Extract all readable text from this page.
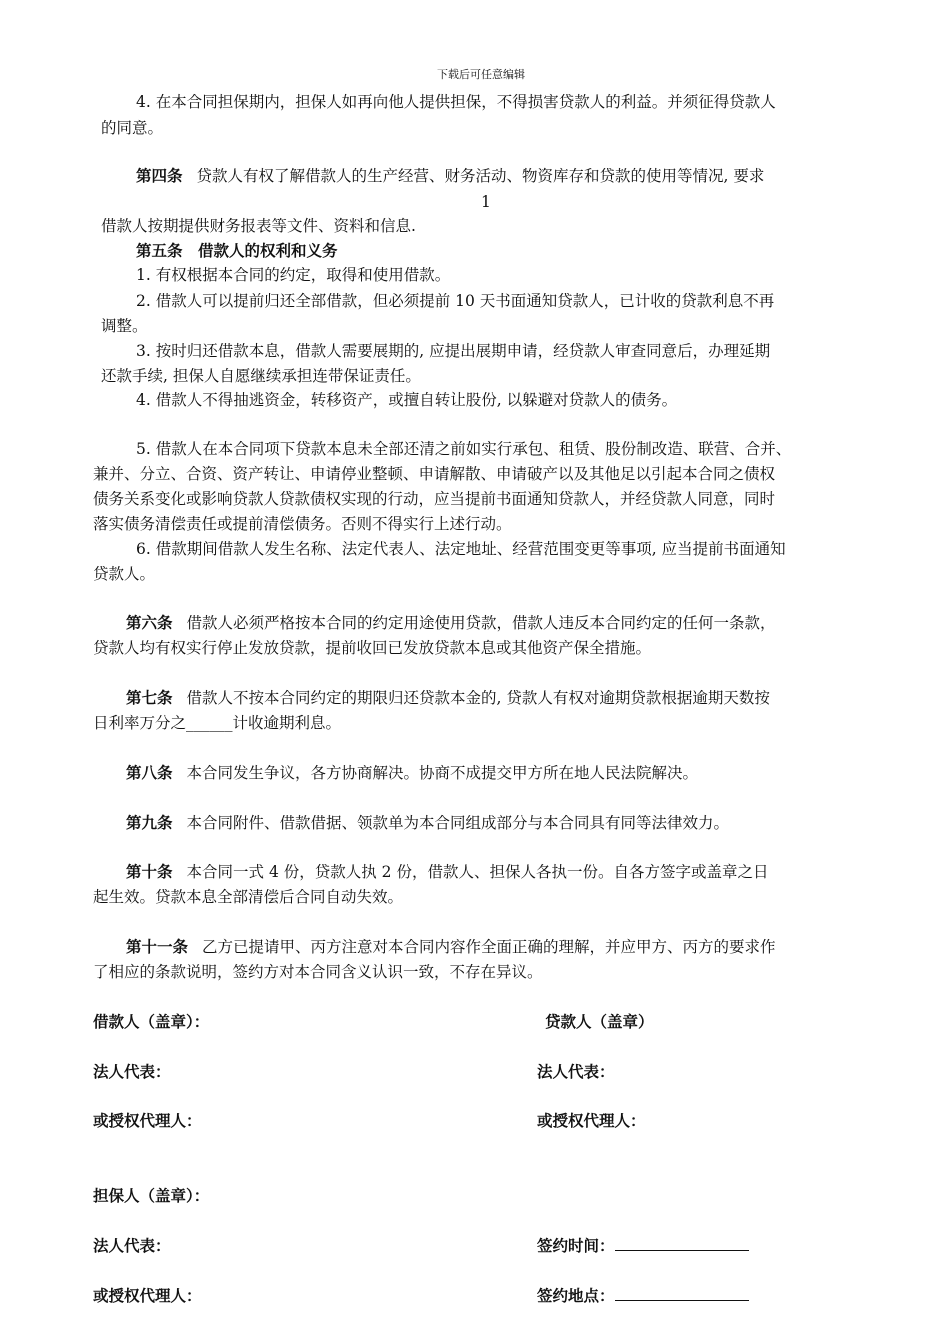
下载后可任意编辑
4. 在本合同担保期内，担保人如再向他人提供担保，不得损害贷款人的利益。并须征得贷款人
的同意。
第四条 贷款人有权了解借款人的生产经营、财务活动、物资库存和贷款的使用等情况, 要求
1
借款人按期提供财务报表等文件、资料和信息.
第五条　借款人的权利和义务
1. 有权根据本合同的约定，取得和使用借款。
2. 借款人可以提前归还全部借款，但必须提前 10 天书面通知贷款人，已计收的贷款利息不再
调整。
3. 按时归还借款本息，借款人需要展期的, 应提出展期申请，经贷款人审查同意后，办理延期
还款手续, 担保人自愿继续承担连带保证责任。
4. 借款人不得抽逃资金，转移资产，或擅自转让股份, 以躲避对贷款人的债务。
5. 借款人在本合同项下贷款本息未全部还清之前如实行承包、租赁、股份制改造、联营、合并、
兼并、分立、合资、资产转让、申请停业整顿、申请解散、申请破产以及其他足以引起本合同之债权
债务关系变化或影响贷款人贷款债权实现的行动，应当提前书面通知贷款人，并经贷款人同意，同时
落实债务清偿责任或提前清偿债务。否则不得实行上述行动。
6. 借款期间借款人发生名称、法定代表人、法定地址、经营范围变更等事项, 应当提前书面通知
贷款人。
第六条 借款人必须严格按本合同的约定用途使用贷款，借款人违反本合同约定的任何一条款，
贷款人均有权实行停止发放贷款，提前收回已发放贷款本息或其他资产保全措施。
第七条 借款人不按本合同约定的期限归还贷款本金的, 贷款人有权对逾期贷款根据逾期天数按
日利率万分之______计收逾期利息。
第八条 本合同发生争议，各方协商解决。协商不成提交甲方所在地人民法院解决。
第九条 本合同附件、借款借据、领款单为本合同组成部分与本合同具有同等法律效力。
第十条 本合同一式 4 份，贷款人执 2 份，借款人、担保人各执一份。自各方签字或盖章之日
起生效。贷款本息全部清偿后合同自动失效。
第十一条 乙方已提请甲、丙方注意对本合同内容作全面正确的理解，并应甲方、丙方的要求作
了相应的条款说明，签约方对本合同含义认识一致，不存在异议。
借款人（盖章）：	贷款人（盖章）
法人代表：	法人代表：
或授权代理人：	或授权代理人：
担保人（盖章）：
法人代表：	签约时间：
或授权代理人：	签约地点：
